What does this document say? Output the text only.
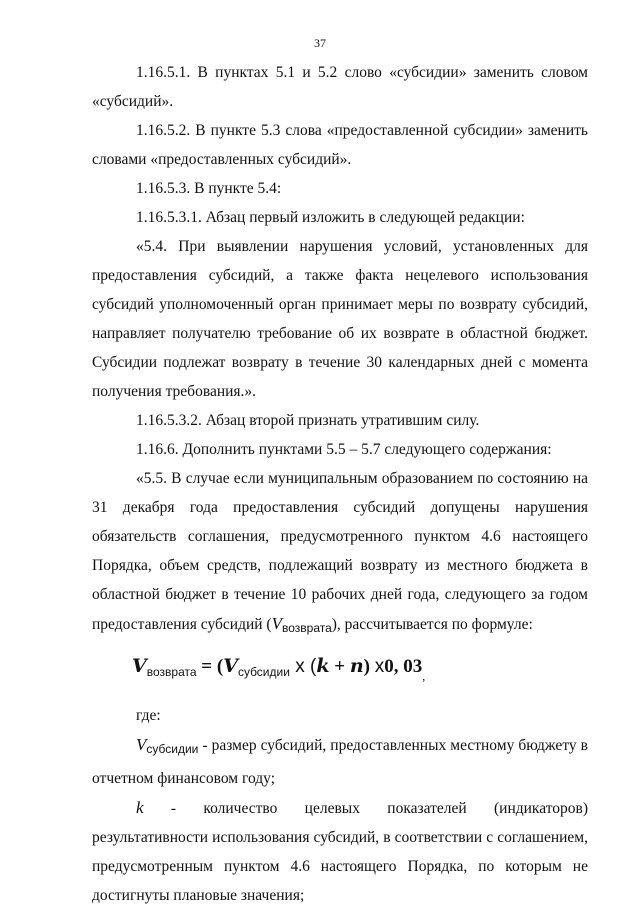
37

1.16.5.1. В пунктах 5.1 и 5.2 слово «субсидии» заменить словом «субсидий».

1.16.5.2. В пункте 5.3 слова «предоставленной субсидии» заменить словами «предоставленных субсидий».

1.16.5.3. В пункте 5.4:

1.16.5.3.1. Абзац первый изложить в следующей редакции:

«5.4. При выявлении нарушения условий, установленных для предоставления субсидий, а также факта нецелевого использования субсидий уполномоченный орган принимает меры по возврату субсидий, направляет получателю требование об их возврате в областной бюджет. Субсидии подлежат возврату в течение 30 календарных дней с момента получения требования.».

1.16.5.3.2. Абзац второй признать утратившим силу.

1.16.6. Дополнить пунктами 5.5 – 5.7 следующего содержания:

«5.5. В случае если муниципальным образованием по состоянию на 31 декабря года предоставления субсидий допущены нарушения обязательств соглашения, предусмотренного пунктом 4.6 настоящего Порядка, объем средств, подлежащий возврату из местного бюджета в областной бюджет в течение 10 рабочих дней года, следующего за годом предоставления субсидий (Vвозврата), рассчитывается по формуле:

$V_{возврата} = (V_{субсидии}$ х (k + n) х0, $03_,$

где:

Vсубсидии - размер субсидий, предоставленных местному бюджету в отчетном финансовом году;

k - количество целевых показателей (индикаторов) результативности использования субсидий, в соответствии с соглашением, предусмотренным пунктом 4.6 настоящего Порядка, по которым не достигнуты плановые значения;
